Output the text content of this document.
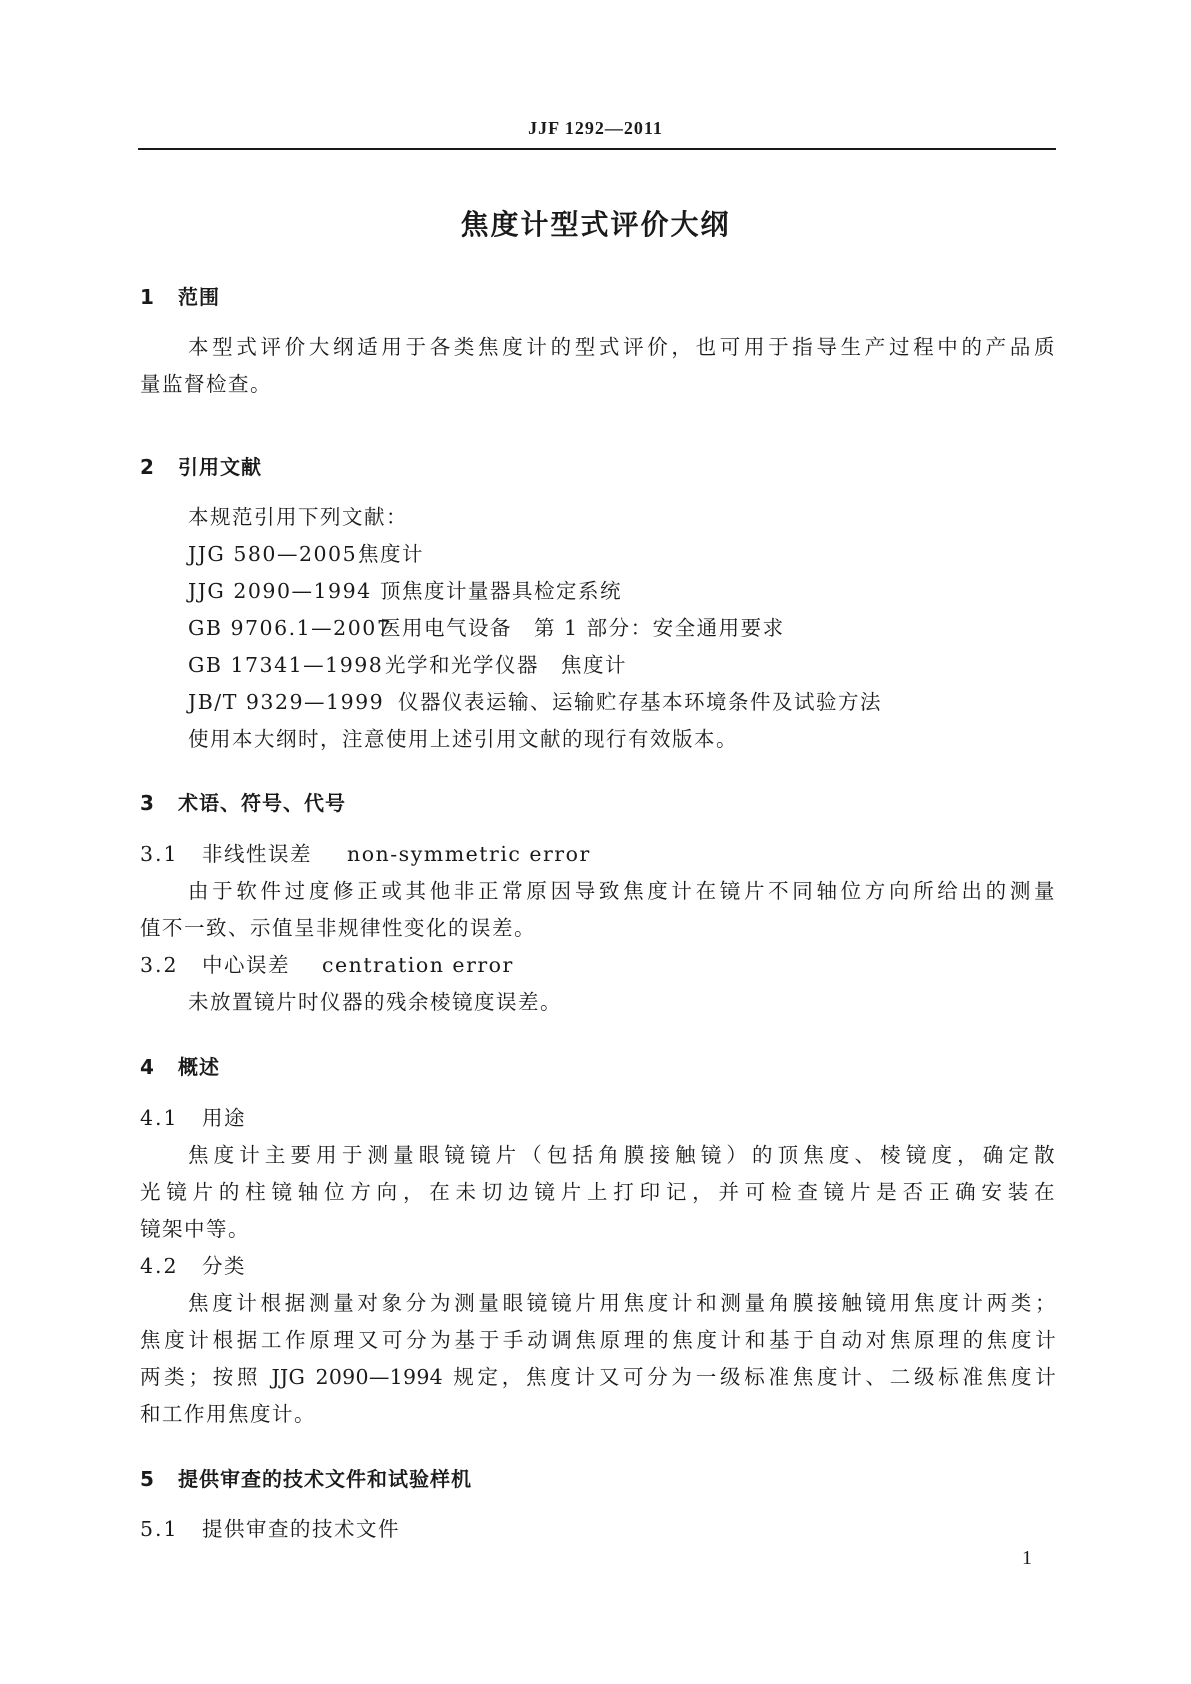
JJF 1292—2011
焦度计型式评价大纲
1 范围
本型式评价大纲适用于各类焦度计的型式评价，也可用于指导生产过程中的产品质
量监督检查。
2 引用文献
本规范引用下列文献：
JJG 580—2005焦度计
JJG 2090—1994 顶焦度计量器具检定系统
GB 9706.1—2007医用电气设备　第 1 部分：安全通用要求
GB 17341—1998光学和光学仪器　焦度计
JB/T 9329—1999 仪器仪表运输、运输贮存基本环境条件及试验方法
使用本大纲时，注意使用上述引用文献的现行有效版本。
3 术语、符号、代号
3.1 非线性误差 non-symmetric error
由于软件过度修正或其他非正常原因导致焦度计在镜片不同轴位方向所给出的测量
值不一致、示值呈非规律性变化的误差。
3.2 中心误差 centration error
未放置镜片时仪器的残余棱镜度误差。
4 概述
4.1 用途
焦度计主要用于测量眼镜镜片（包括角膜接触镜）的顶焦度、棱镜度，确定散
光镜片的柱镜轴位方向，在未切边镜片上打印记，并可检查镜片是否正确安装在
镜架中等。
4.2 分类
焦度计根据测量对象分为测量眼镜镜片用焦度计和测量角膜接触镜用焦度计两类；
焦度计根据工作原理又可分为基于手动调焦原理的焦度计和基于自动对焦原理的焦度计
两类；按照 JJG 2090—1994 规定，焦度计又可分为一级标准焦度计、二级标准焦度计
和工作用焦度计。
5 提供审查的技术文件和试验样机
5.1 提供审查的技术文件
1
